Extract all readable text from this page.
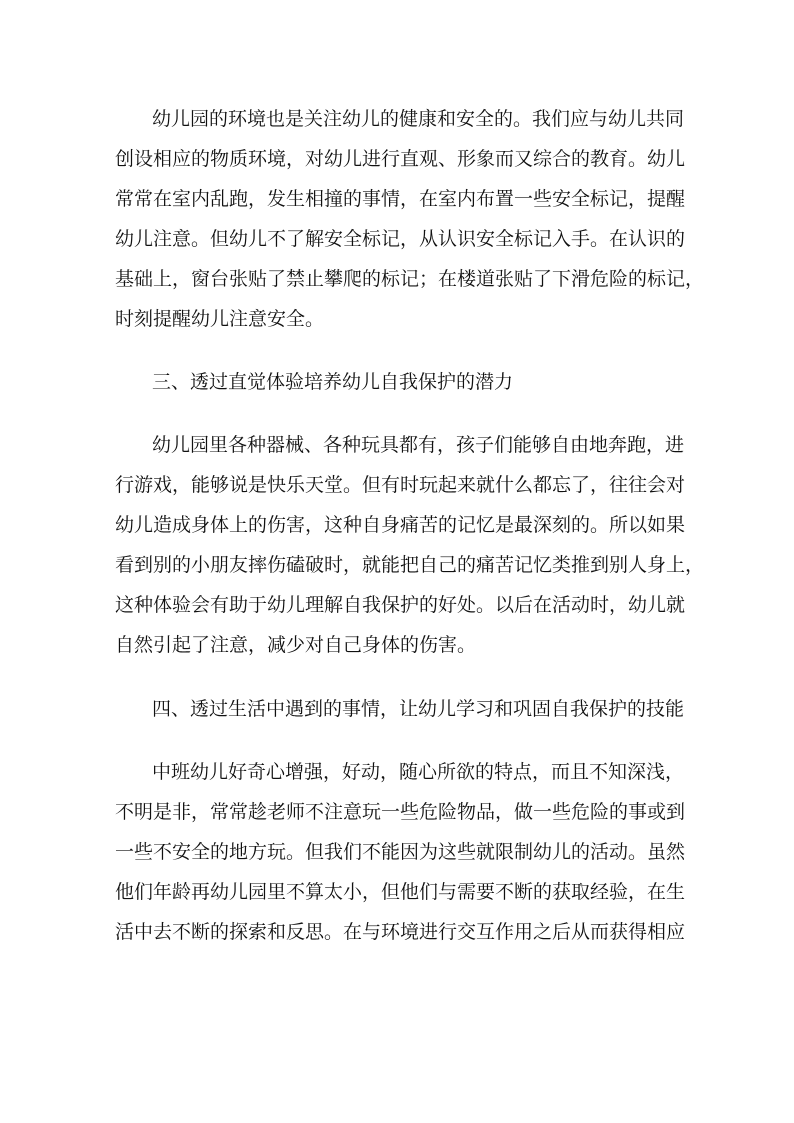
幼儿园的环境也是关注幼儿的健康和安全的。我们应与幼儿共同
创设相应的物质环境，对幼儿进行直观、形象而又综合的教育。幼儿
常常在室内乱跑，发生相撞的事情，在室内布置一些安全标记，提醒
幼儿注意。但幼儿不了解安全标记，从认识安全标记入手。在认识的
基础上，窗台张贴了禁止攀爬的标记；在楼道张贴了下滑危险的标记，
时刻提醒幼儿注意安全。
三、透过直觉体验培养幼儿自我保护的潜力
幼儿园里各种器械、各种玩具都有，孩子们能够自由地奔跑，进
行游戏，能够说是快乐天堂。但有时玩起来就什么都忘了，往往会对
幼儿造成身体上的伤害，这种自身痛苦的记忆是最深刻的。所以如果
看到别的小朋友摔伤磕破时，就能把自己的痛苦记忆类推到别人身上，
这种体验会有助于幼儿理解自我保护的好处。以后在活动时，幼儿就
自然引起了注意，减少对自己身体的伤害。
四、透过生活中遇到的事情，让幼儿学习和巩固自我保护的技能
中班幼儿好奇心增强，好动，随心所欲的特点，而且不知深浅，
不明是非，常常趁老师不注意玩一些危险物品，做一些危险的事或到
一些不安全的地方玩。但我们不能因为这些就限制幼儿的活动。虽然
他们年龄再幼儿园里不算太小，但他们与需要不断的获取经验，在生
活中去不断的探索和反思。在与环境进行交互作用之后从而获得相应
